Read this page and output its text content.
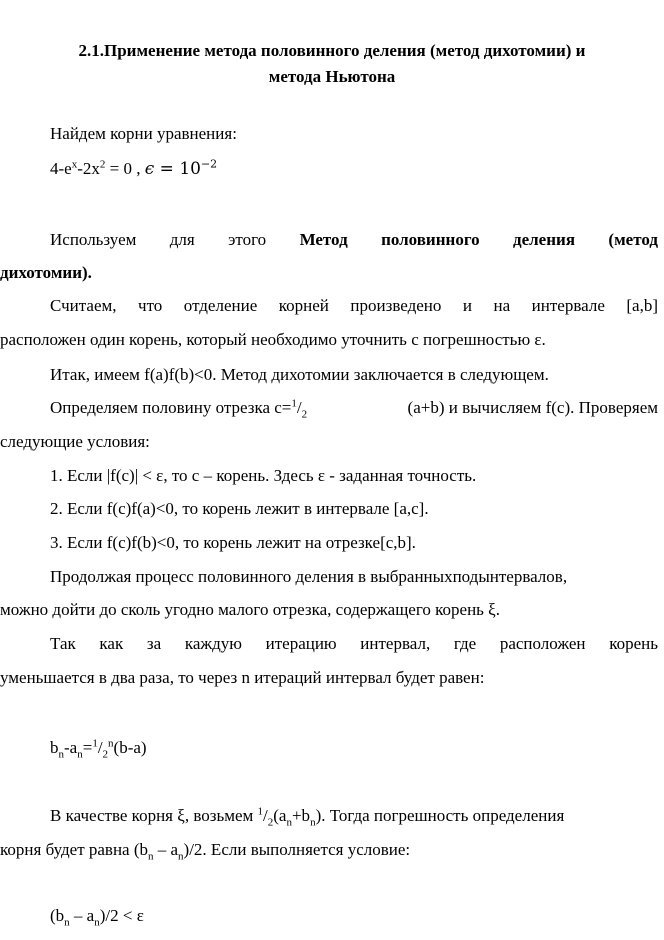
2.1.Применение метода половинного деления (метод дихотомии) и
метода Ньютона
Найдем корни уравнения:
$4-e^x-2x^2 = 0$ , $\epsilon = 10^{-2}$
Используем для этого Метод половинного деления (метод
дихотомии).
Считаем, что отделение корней произведено и на интервале [a,b]
расположен один корень, который необходимо уточнить с погрешностью ε.
Итак, имеем f(a)f(b)<0. Метод дихотомии заключается в следующем.
Определяем половину отрезка $c=^1/_2$	(a+b) и вычисляем f(c). Проверяем
следующие условия:
1. Если |f(c)| < ε, то c – корень. Здесь ε - заданная точность.
2. Если f(c)f(a)<0, то корень лежит в интервале [a,c].
3. Если f(c)f(b)<0, то корень лежит на отрезке[c,b].
Продолжая процесс половинного деления в выбранныхподынтервалов,
можно дойти до сколь угодно малого отрезка, содержащего корень ξ.
Так как за каждую итерацию интервал, где расположен корень
уменьшается в два раза, то через n итераций интервал будет равен:
$b_n-a_n=^1/_2^n(b-a)$
В качестве корня ξ, возьмем $^1/_2(a_n+b_n)$. Тогда погрешность определения
корня будет равна $(b_n - a_n)/2$. Если выполняется условие:
$(b_n - a_n)/2 < \varepsilon$
